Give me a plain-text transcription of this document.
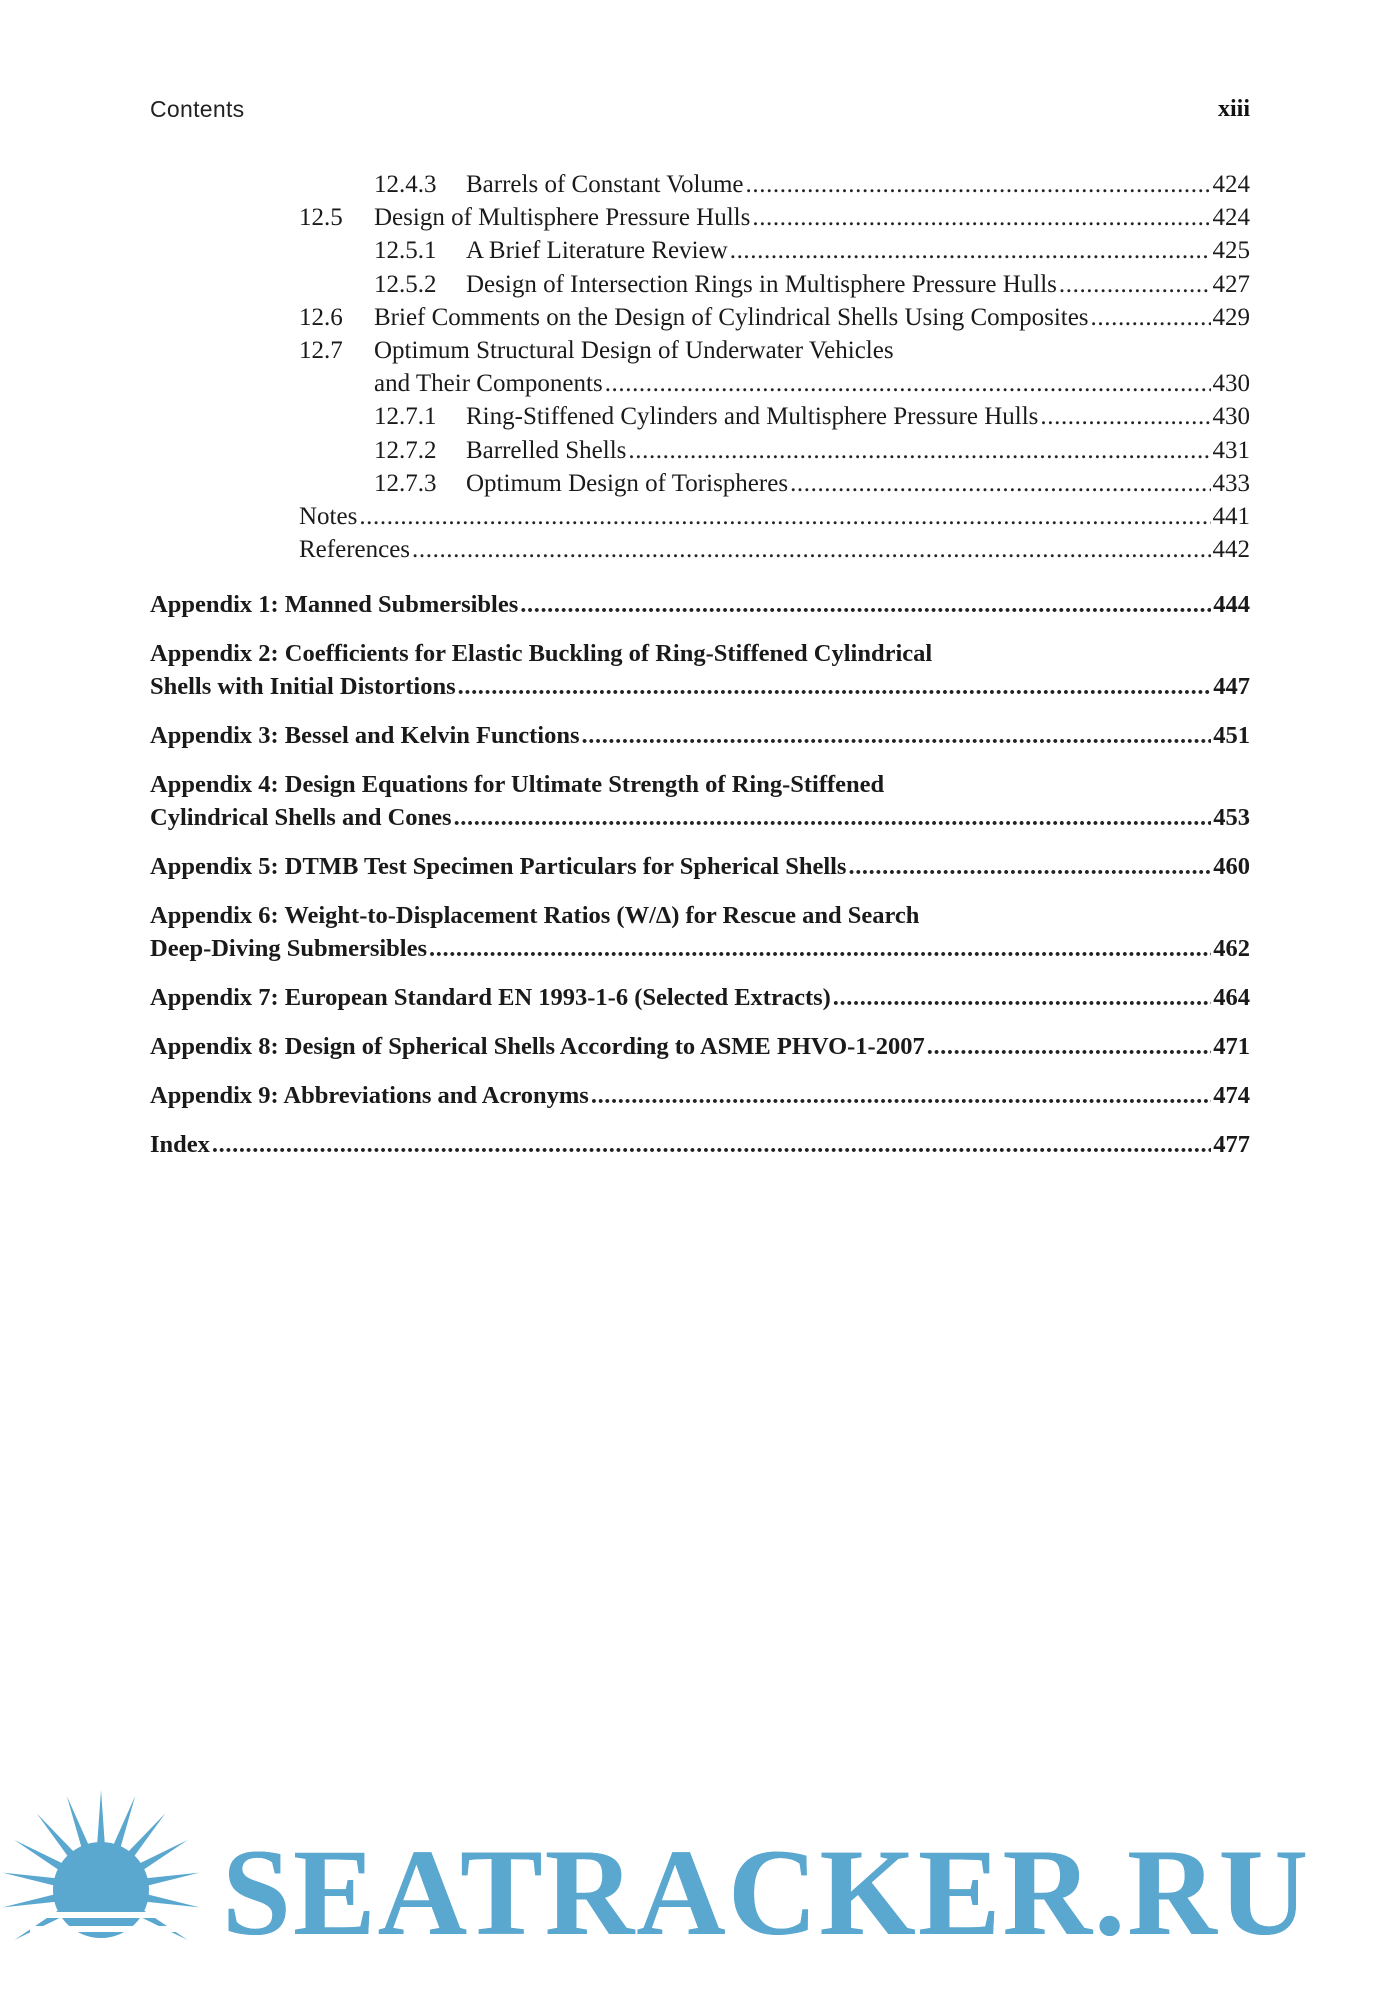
Contents	xiii
12.4.3	Barrels of Constant Volume .....	424
12.5	Design of Multisphere Pressure Hulls .....	424
12.5.1	A Brief Literature Review .....	425
12.5.2	Design of Intersection Rings in Multisphere Pressure Hulls .....	427
12.6	Brief Comments on the Design of Cylindrical Shells Using Composites .....	429
12.7	Optimum Structural Design of Underwater Vehicles
and Their Components .....	430
12.7.1	Ring-Stiffened Cylinders and Multisphere Pressure Hulls .....	430
12.7.2	Barrelled Shells .....	431
12.7.3	Optimum Design of Torispheres .....	433
Notes .....	441
References .....	442
Appendix 1: Manned Submersibles .....	444
Appendix 2: Coefficients for Elastic Buckling of Ring-Stiffened Cylindrical
Shells with Initial Distortions .....	447
Appendix 3: Bessel and Kelvin Functions .....	451
Appendix 4: Design Equations for Ultimate Strength of Ring-Stiffened
Cylindrical Shells and Cones .....	453
Appendix 5: DTMB Test Specimen Particulars for Spherical Shells .....	460
Appendix 6: Weight-to-Displacement Ratios (W/Δ) for Rescue and Search
Deep-Diving Submersibles .....	462
Appendix 7: European Standard EN 1993-1-6 (Selected Extracts) .....	464
Appendix 8: Design of Spherical Shells According to ASME PHVO-1-2007 .....	471
Appendix 9: Abbreviations and Acronyms .....	474
Index .....	477
SEATRACKER.RU
